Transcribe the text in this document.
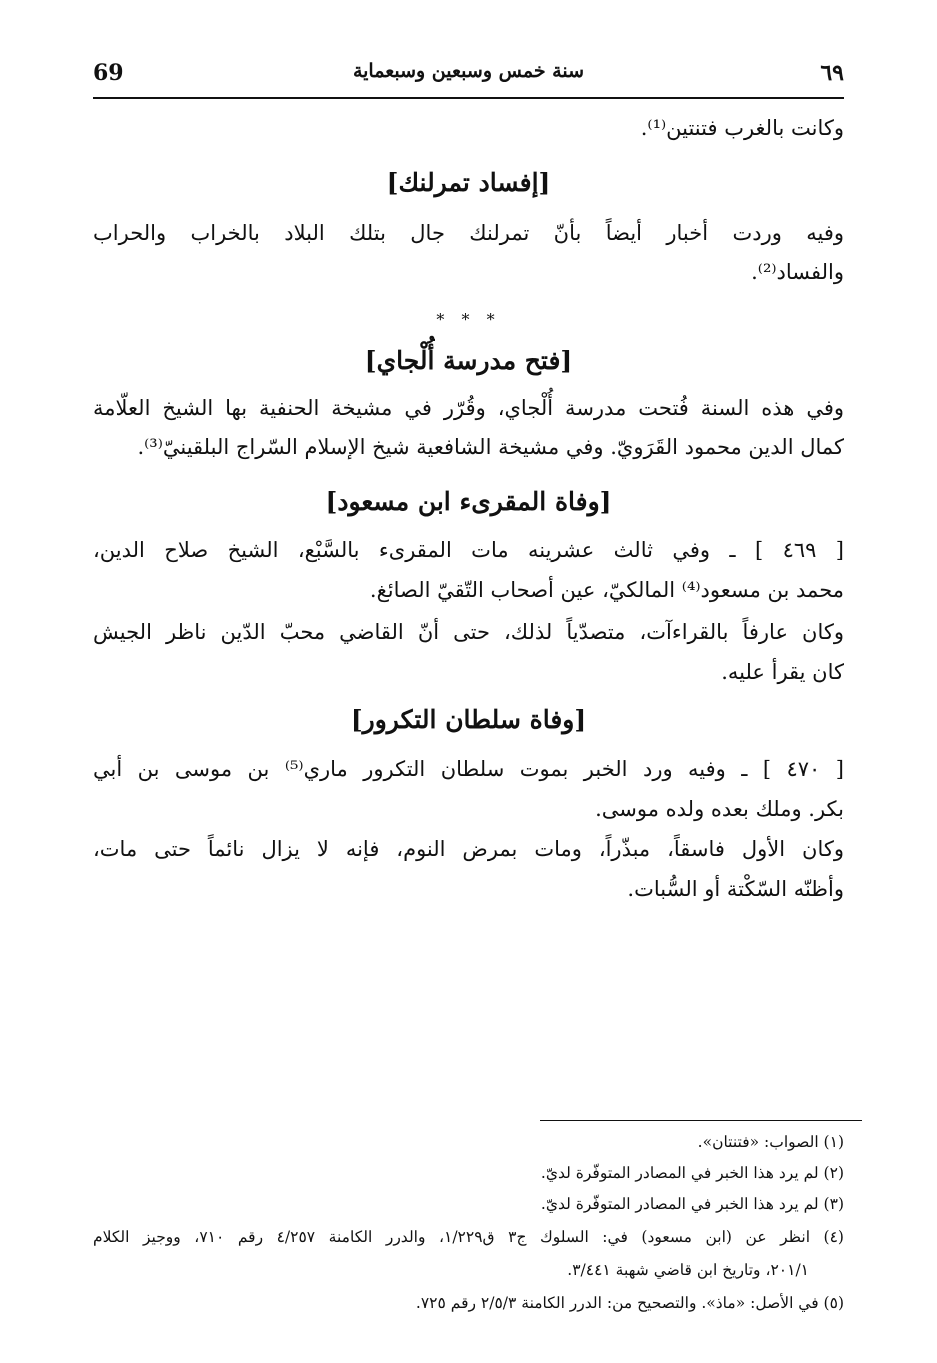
69	سنة خمس وسبعين وسبعماية	٦٩
وكانت بالغرب فتنتين⁽¹⁾.
[إفساد تمرلنك]
وفيه وردت أخبار أيضاً بأنّ تمرلنك جال بتلك البلاد بالخراب والحراب
والفساد⁽²⁾.
* * *
[فتح مدرسة أُلْجاي]
وفي هذه السنة فُتحت مدرسة أُلْجاي، وقُرّر في مشيخة الحنفية بها الشيخ العلّامة
كمال الدين محمود القَرَويّ. وفي مشيخة الشافعية شيخ الإسلام السّراج البلقينيّ⁽³⁾.
[وفاة المقرىء ابن مسعود]
[ ٤٦٩ ] ـ وفي ثالث عشرينه مات المقرىء بالسَّبْع، الشيخ صلاح الدين،
محمد بن مسعود⁽⁴⁾ المالكيّ، عين أصحاب التّقيّ الصائغ.
وكان عارفاً بالقراءآت، متصدّياً لذلك، حتى أنّ القاضي محبّ الدّين ناظر الجيش
كان يقرأ عليه.
[وفاة سلطان التكرور]
[ ٤٧٠ ] ـ وفيه ورد الخبر بموت سلطان التكرور ماري⁽⁵⁾ بن موسى بن أبي
بكر. وملك بعده ولده موسى.
وكان الأول فاسقاً، مبذّراً، ومات بمرض النوم، فإنه لا يزال نائماً حتى مات،
وأظنّه السّكْتة أو السُّبات.
(١) الصواب: «فتنتان».
(٢) لم يرد هذا الخبر في المصادر المتوفّرة لديّ.
(٣) لم يرد هذا الخبر في المصادر المتوفّرة لديّ.
(٤) انظر عن (ابن مسعود) في: السلوك ج٣ ق١/٢٢٩، والدرر الكامنة ٤/٢٥٧ رقم ٧١٠، ووجيز الكلام
٢٠١/١، وتاريخ ابن قاضي شهبة ٣/٤٤١.
(٥) في الأصل: «ماذ». والتصحيح من: الدرر الكامنة ٢/٥/٣ رقم ٧٢٥.
